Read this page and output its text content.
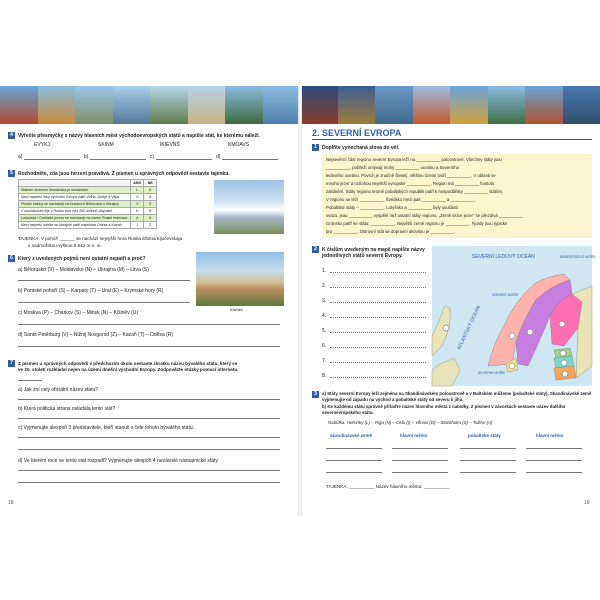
4	Vyřešte přesmyčky s názvy hlavních měst východoevropských států a napište stát, ke kterému náleží.
EVYKJ	SKINM	IKIEVNŠ	KMOAVS
a)	b)	c)	d)
5	Rozhodněte, zda jsou tvrzení pravdivá. Z písmen u správných odpovědí sestavte tajenku.
	ANO	NE
Státním zřízením Moldavska je monarchie.	L	K
Mezi nejdelší řeky východní Evropy patří Volha, Dněpr a Visla.	O	A
Pinské bažiny se nacházejí na hranicích Běloruska a Ukrajiny.	V	Z
V současnosti žije v Rusku více než 200 milionů obyvatel.	K	B
Ladožské i Oněžské jezero se nacházejí na území Ruské federace.	A	K
Mezi největší města na Ukrajině patří například Oděsa a Kazaň.	J	Z
TAJENKA: V pohoří ______ se nachází nejvyšší hora Ruska Elbrus/Ključevskaja
s nadmořskou výškou 5 642 m n. m.
6	Který z uvedených pojmů není ostatní nepatří a proč?
Kišiněv
a) Bělorusko (V) – Moldavsko (N) – Ukrajina (M) – Litva (S)
b) Pontské pohoří (S) – Karpaty (T) – Ural (E) – Krymské hory (R)
c) Moskva (P) – Charkov (S) – Minsk (N) – Kišiněv (U)
d) Sankt-Petěrburg (V) – Nižnij Novgorod (Z) – Kazaň (T) – Oděsa (R)
7	Z písmen u správných odpovědí v předchozím úkolu sestavte zkratku názvu bývalého státu, který se
ve 20. století rozkládal nejen na území dnešní východní Evropy. Zodpovězte otázky pomocí internetu.
a) Jak zní celý oficiální název státu?
b) Která politická strana ovládala tento stát?
c) Vyjmenujte alespoň 3 představitele, kteří stanuli v čele tohoto bývalého státu.
d) Ve kterém roce se tento stát rozpadl? Vyjmenujte alespoň 4 nezávislé nástupnické státy.
18
2. SEVERNÍ EVROPA
1	Doplňte vynechaná slova do vět.
Nejsevěrní část regionu severní Evropa leží na __________ poloostrově. Všechny státy jsou
__________, pobřeží omývají mohy __________ oceánu a Severního
ledového oceánu. Povrch je značně členitý, většinu území tvoří __________. V oblasti se
mnoho jezer a rozlohou největší evropské __________. Region má __________ hustotu
zalidnění. Státy regionu kromě pobaltských republik patří k hospodářsky __________ státům.
V regionu se těží __________, Švédsko mezi pak __________ a __________,
Pobaltské státy – __________, Lotyšsko a __________ byly součástí
svazu, jsou __________ vyspělé než ostatní státy regionu. „Země tisíce jezer" se přezdívá __________
Grónsko patří ke státu: __________. Největší země regionu je __________. Fjordy jsou typické
pro __________. Ostrovní stát se dopravní aktivitou je __________.
2	K číslům uvedeným na mapě napište názvy jednotlivých států severní Evropy.
1.
2.
3.
4.
5.
6.
7.
8.
SEVERNÍ LEDOVÝ OCEÁN	BARENTSOVO MOŘE
NORSKÉ MOŘE
ATLANTSKÝ OCEÁN
SEVERNÍ MOŘE
3	a) Státy severní Evropy leží zejména na Skandinávském poloostrově a v Baltském můžeme (pobaltské státy). Skandinávské země vyjmenujte od západu na východ a pobaltské státy od severu k jihu.
b) Ke každému státu správně přiřaďte název hlavního města z nabídky. Z písmen v závorkách sestavte název dalšího severoevropského státu.
Nabídka: Helsinky (L) – Riga (N) – Oslo (I) – Vilnius (D) – Stockholm (S) – Tallinn (A)
skandinávské země	hlavní město	pobaltské státy	hlavní město
TAJENKA: __________ Název hlavního města: __________
19
